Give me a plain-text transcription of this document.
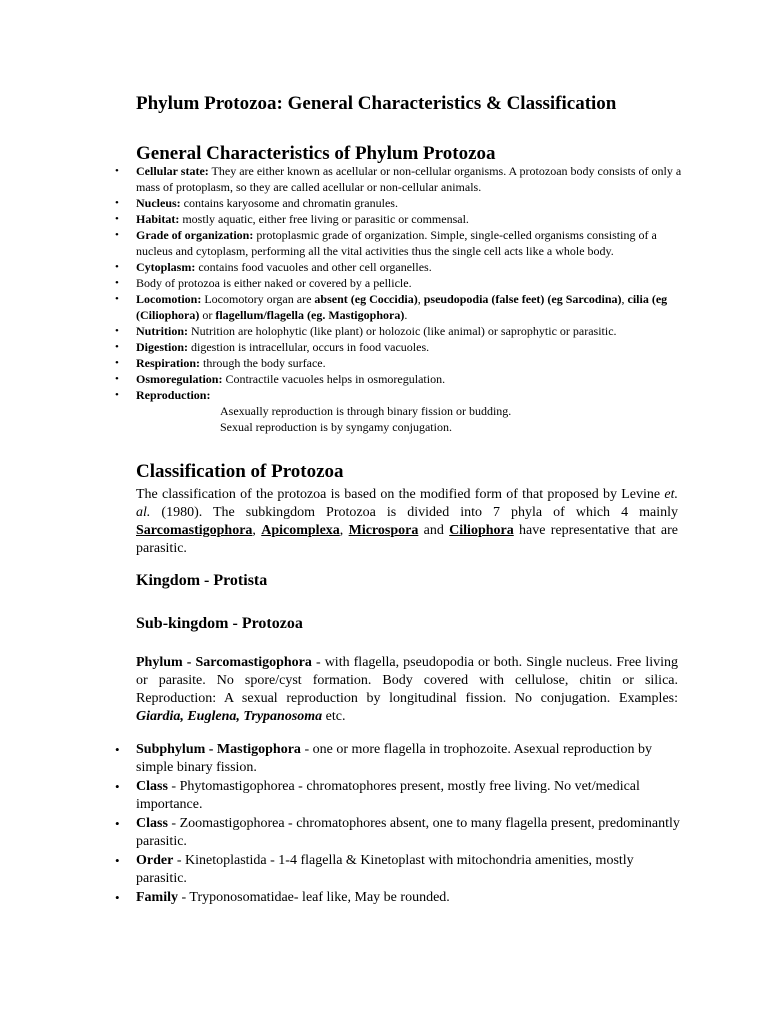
Phylum Protozoa: General Characteristics & Classification
General Characteristics of Phylum Protozoa
• Cellular state: They are either known as acellular or non-cellular organisms. A protozoan body consists of only a mass of protoplasm, so they are called acellular or non-cellular animals.
• Nucleus: contains karyosome and chromatin granules.
• Habitat: mostly aquatic, either free living or parasitic or commensal.
• Grade of organization: protoplasmic grade of organization. Simple, single-celled organisms consisting of a nucleus and cytoplasm, performing all the vital activities thus the single cell acts like a whole body.
• Cytoplasm: contains food vacuoles and other cell organelles.
• Body of protozoa is either naked or covered by a pellicle.
• Locomotion: Locomotory organ are absent (eg Coccidia), pseudopodia (false feet) (eg Sarcodina), cilia (eg (Ciliophora) or flagellum/flagella (eg. Mastigophora).
• Nutrition: Nutrition are holophytic (like plant) or holozoic (like animal) or saprophytic or parasitic.
• Digestion: digestion is intracellular, occurs in food vacuoles.
• Respiration: through the body surface.
• Osmoregulation: Contractile vacuoles helps in osmoregulation.
• Reproduction:
Asexually reproduction is through binary fission or budding.
Sexual reproduction is by syngamy conjugation.
Classification of Protozoa
The classification of the protozoa is based on the modified form of that proposed by Levine et. al. (1980). The subkingdom Protozoa is divided into 7 phyla of which 4 mainly Sarcomastigophora, Apicomplexa, Microspora and Ciliophora have representative that are parasitic.
Kingdom - Protista
Sub-kingdom - Protozoa
Phylum - Sarcomastigophora - with flagella, pseudopodia or both. Single nucleus. Free living or parasite. No spore/cyst formation. Body covered with cellulose, chitin or silica. Reproduction: A sexual reproduction by longitudinal fission. No conjugation. Examples: Giardia, Euglena, Trypanosoma etc.
• Subphylum - Mastigophora - one or more flagella in trophozoite. Asexual reproduction by simple binary fission.
• Class - Phytomastigophorea - chromatophores present, mostly free living. No vet/medical importance.
• Class - Zoomastigophorea - chromatophores absent, one to many flagella present, predominantly parasitic.
• Order - Kinetoplastida - 1-4 flagella & Kinetoplast with mitochondria amenities, mostly parasitic.
• Family - Tryponosomatidae- leaf like, May be rounded.
